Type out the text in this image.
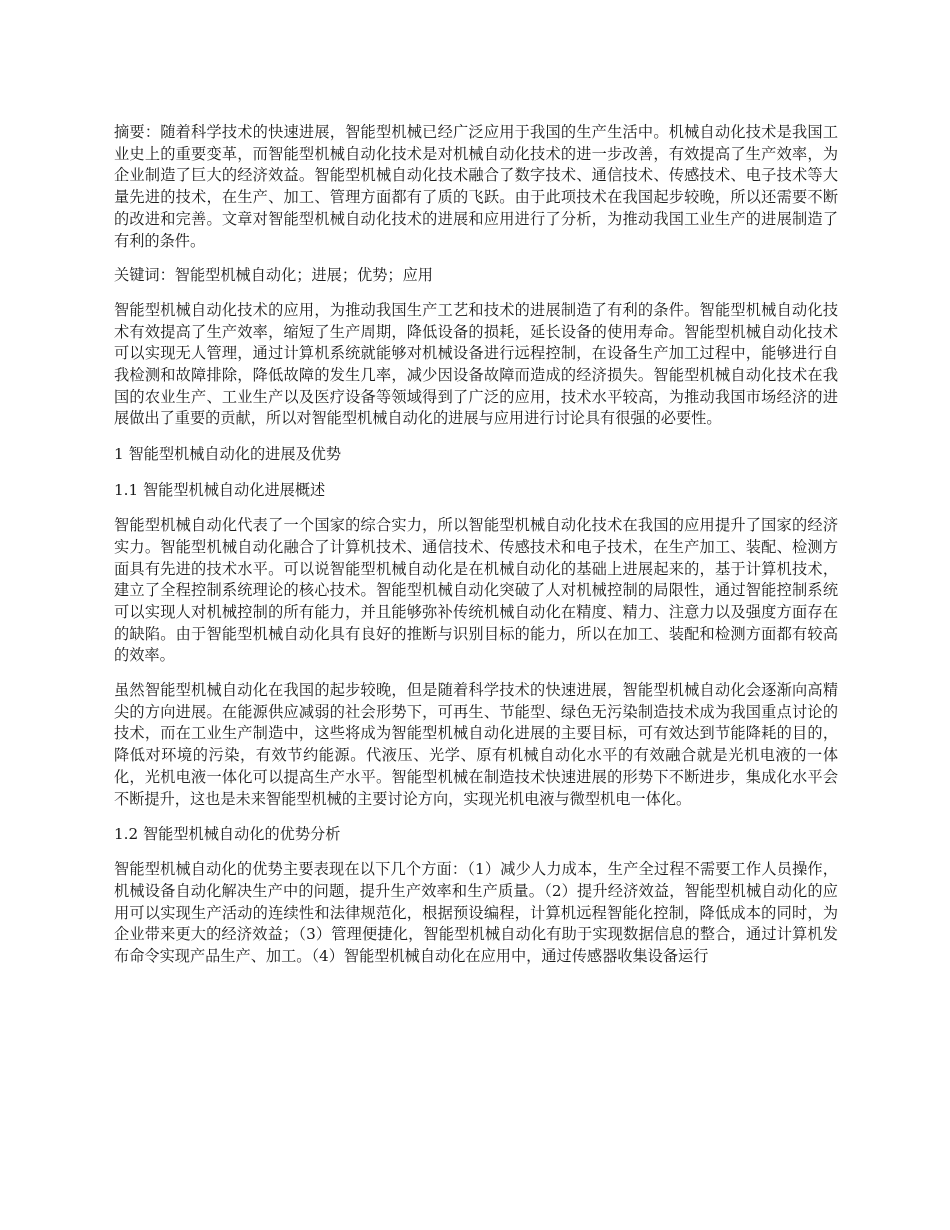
摘要：随着科学技术的快速进展，智能型机械已经广泛应用于我国的生产生活中。机械自动化技术是我国工业史上的重要变革，而智能型机械自动化技术是对机械自动化技术的进一步改善，有效提高了生产效率，为企业制造了巨大的经济效益。智能型机械自动化技术融合了数字技术、通信技术、传感技术、电子技术等大量先进的技术，在生产、加工、管理方面都有了质的飞跃。由于此项技术在我国起步较晚，所以还需要不断的改进和完善。文章对智能型机械自动化技术的进展和应用进行了分析，为推动我国工业生产的进展制造了有利的条件。

关键词：智能型机械自动化；进展；优势；应用

智能型机械自动化技术的应用，为推动我国生产工艺和技术的进展制造了有利的条件。智能型机械自动化技术有效提高了生产效率，缩短了生产周期，降低设备的损耗，延长设备的使用寿命。智能型机械自动化技术可以实现无人管理，通过计算机系统就能够对机械设备进行远程控制，在设备生产加工过程中，能够进行自我检测和故障排除，降低故障的发生几率，减少因设备故障而造成的经济损失。智能型机械自动化技术在我国的农业生产、工业生产以及医疗设备等领域得到了广泛的应用，技术水平较高，为推动我国市场经济的进展做出了重要的贡献，所以对智能型机械自动化的进展与应用进行讨论具有很强的必要性。

1 智能型机械自动化的进展及优势

1.1 智能型机械自动化进展概述

智能型机械自动化代表了一个国家的综合实力，所以智能型机械自动化技术在我国的应用提升了国家的经济实力。智能型机械自动化融合了计算机技术、通信技术、传感技术和电子技术，在生产加工、装配、检测方面具有先进的技术水平。可以说智能型机械自动化是在机械自动化的基础上进展起来的，基于计算机技术，建立了全程控制系统理论的核心技术。智能型机械自动化突破了人对机械控制的局限性，通过智能控制系统可以实现人对机械控制的所有能力，并且能够弥补传统机械自动化在精度、精力、注意力以及强度方面存在的缺陷。由于智能型机械自动化具有良好的推断与识别目标的能力，所以在加工、装配和检测方面都有较高的效率。

虽然智能型机械自动化在我国的起步较晚，但是随着科学技术的快速进展，智能型机械自动化会逐渐向高精尖的方向进展。在能源供应减弱的社会形势下，可再生、节能型、绿色无污染制造技术成为我国重点讨论的技术，而在工业生产制造中，这些将成为智能型机械自动化进展的主要目标，可有效达到节能降耗的目的，降低对环境的污染，有效节约能源。代液压、光学、原有机械自动化水平的有效融合就是光机电液的一体化，光机电液一体化可以提高生产水平。智能型机械在制造技术快速进展的形势下不断进步，集成化水平会不断提升，这也是未来智能型机械的主要讨论方向，实现光机电液与微型机电一体化。

1.2 智能型机械自动化的优势分析

智能型机械自动化的优势主要表现在以下几个方面：（1）减少人力成本，生产全过程不需要工作人员操作，机械设备自动化解决生产中的问题，提升生产效率和生产质量。（2）提升经济效益，智能型机械自动化的应用可以实现生产活动的连续性和法律规范化，根据预设编程，计算机远程智能化控制，降低成本的同时，为企业带来更大的经济效益；（3）管理便捷化，智能型机械自动化有助于实现数据信息的整合，通过计算机发布命令实现产品生产、加工。（4）智能型机械自动化在应用中，通过传感器收集设备运行
